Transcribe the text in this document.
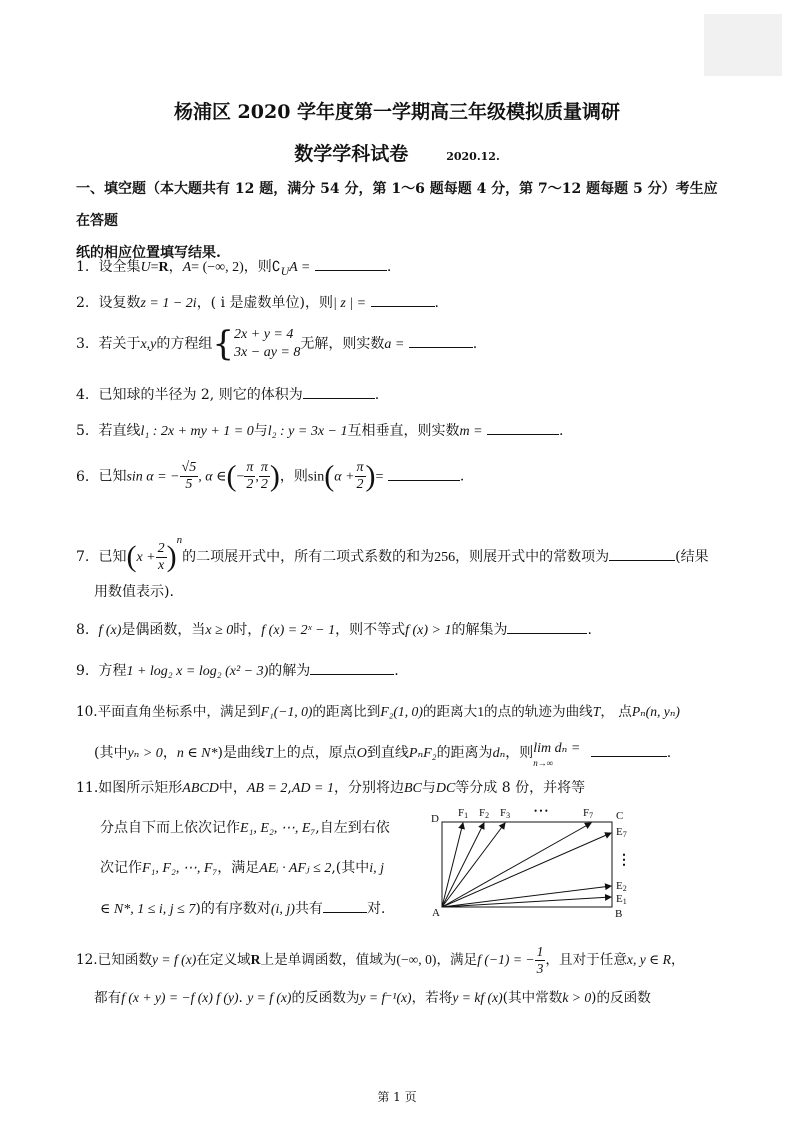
杨浦区 2020 学年度第一学期高三年级模拟质量调研
数学学科试卷	2020.12.
一、填空题（本大题共有 12 题，满分 54 分，第 1～6 题每题 4 分，第 7～12 题每题 5 分）考生应在答题
纸的相应位置填写结果.
1. 设全集U=R，A= (−∞, 2)，则$∁_UA$ =	.
2. 设复数z = 1 − 2i，( i 是虚数单位)，则| z | =	.
3. 若关于x,y的方程组{ 2x + y = 4
3x − ay = 8
无解，则实数a =	.
4. 已知球的半径为 2, 则它的体积为	.
5. 若直线l₁ : 2x + my + 1 = 0与l₂ : y = 3x − 1互相垂直，则实数m =	.
6. 已知sin α = − $\frac{√5}{5}$ , α ∈(− $\frac{\pi}{2}$ , $\frac{\pi}{2}$ )，则$\sin(\alpha + \frac{\pi}{2}$ )=	.
7. 已知$(x + \frac{2}{x} )^n$的二项展开式中，所有二项式系数的和为256，则展开式中的常数项为	(结果
用数值表示).
8. f (x)是偶函数，当x ≥ 0时，f (x) = 2ˣ − 1，则不等式f (x) > 1的解集为	.
9. 方程1 + log₂ x = log₂ (x² − 3)的解为	.
10.平面直角坐标系中，满足到F₁(−1, 0)的距离比到F₂(1, 0)的距离大1的点的轨迹为曲线T， 点Pₙ(n, yₙ)
(其中yₙ > 0，n ∈ N*)是曲线T上的点，原点O到直线PₙF₂的距离为dₙ，则 lim dₙ =
n→∞
.
11.如图所示矩形ABCD中，AB = 2,AD = 1，分别将边BC与DC等分成 8 份，并将等
分点自下而上依次记作E₁, E₂, ⋯, E₇,自左到右依
次记作F₁, F₂, ⋯, F₇，满足AEᵢ · AFⱼ ≤ 2,(其中i, j
∈ N*, 1 ≤ i, j ≤ 7)的有序数对(i, j)共有	对.
D	C
A	B
F1 F2 F3	• • •	F7
E7
⋮
E2
E1
12.已知函数y = f (x)在定义域R上是单调函数，值域为(−∞, 0)，满足f (−1) = − $\frac{1}{3}$ ，且对于任意x, y ∈ R，
都有f (x + y) = −f (x) f (y). y = f (x)的反函数为y = f⁻¹(x)，若将y = kf (x)(其中常数k > 0)的反函数
第 1 页
